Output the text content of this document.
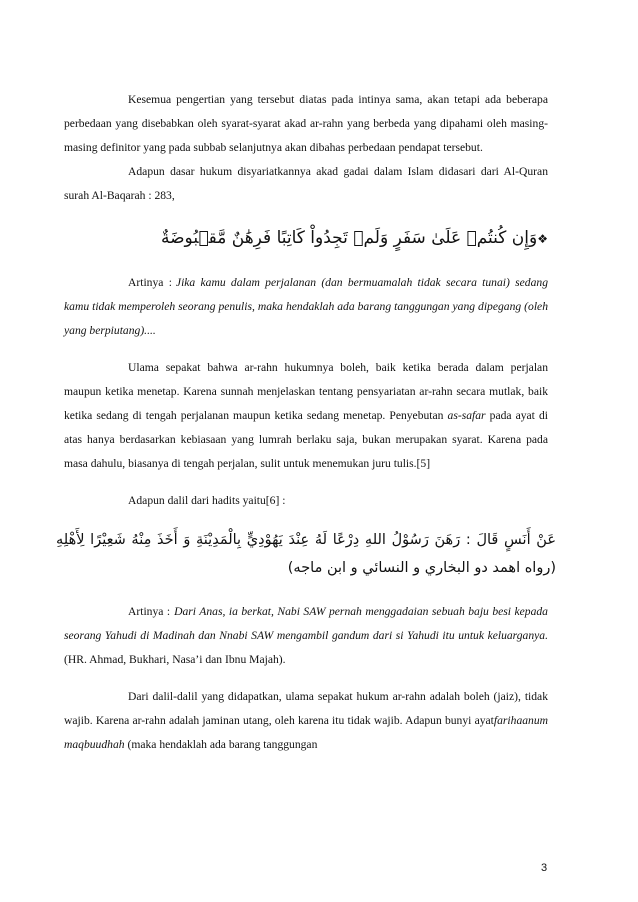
Kesemua pengertian yang tersebut diatas pada intinya sama, akan tetapi ada beberapa perbedaan yang disebabkan oleh syarat-syarat akad ar-rahn yang berbeda yang dipahami oleh masing-masing definitor yang pada subbab selanjutnya akan dibahas perbedaan pendapat tersebut.

Adapun dasar hukum disyariatkannya akad gadai dalam Islam didasari dari Al-Quran surah Al-Baqarah : 283,

❖وَإِن كُنتُمۡ عَلَىٰ سَفَرٍ وَلَمۡ تَجِدُواْ كَاتِبًا فَرِهَٰنٌ مَّقۡبُوضَةٌ

Artinya : Jika kamu dalam perjalanan (dan bermuamalah tidak secara tunai) sedang kamu tidak memperoleh seorang penulis, maka hendaklah ada barang tanggungan yang dipegang (oleh yang berpiutang)....

Ulama sepakat bahwa ar-rahn hukumnya boleh, baik ketika berada dalam perjalan maupun ketika menetap. Karena sunnah menjelaskan tentang pensyariatan ar-rahn secara mutlak, baik ketika sedang di tengah perjalanan maupun ketika sedang menetap. Penyebutan as-safar pada ayat di atas hanya berdasarkan kebiasaan yang lumrah berlaku saja, bukan merupakan syarat. Karena pada masa dahulu, biasanya di tengah perjalan, sulit untuk menemukan juru tulis.[5]

Adapun dalil dari hadits yaitu[6] :

عَنْ أَنَسٍ قَالَ : رَهَنَ رَسُوْلُ اللهِ دِرْعًا لَهُ عِنْدَ يَهُوْدِيٍّ بِالْمَدِيْنَةِ وَ أَخَذَ مِنْهُ شَعِيْرًا لِأَهْلِهِ (رواه اهمد دو البخاري و النسائي و ابن ماجه)

Artinya : Dari Anas, ia berkat, Nabi SAW pernah menggadaian sebuah baju besi kepada seorang Yahudi di Madinah dan Nnabi SAW mengambil gandum dari si Yahudi itu untuk keluarganya. (HR. Ahmad, Bukhari, Nasa’i dan Ibnu Majah).

Dari dalil-dalil yang didapatkan, ulama sepakat hukum ar-rahn adalah boleh (jaiz), tidak wajib. Karena ar-rahn adalah jaminan utang, oleh karena itu tidak wajib. Adapun bunyi ayatfarihaanum maqbuudhah (maka hendaklah ada barang tanggungan

3
